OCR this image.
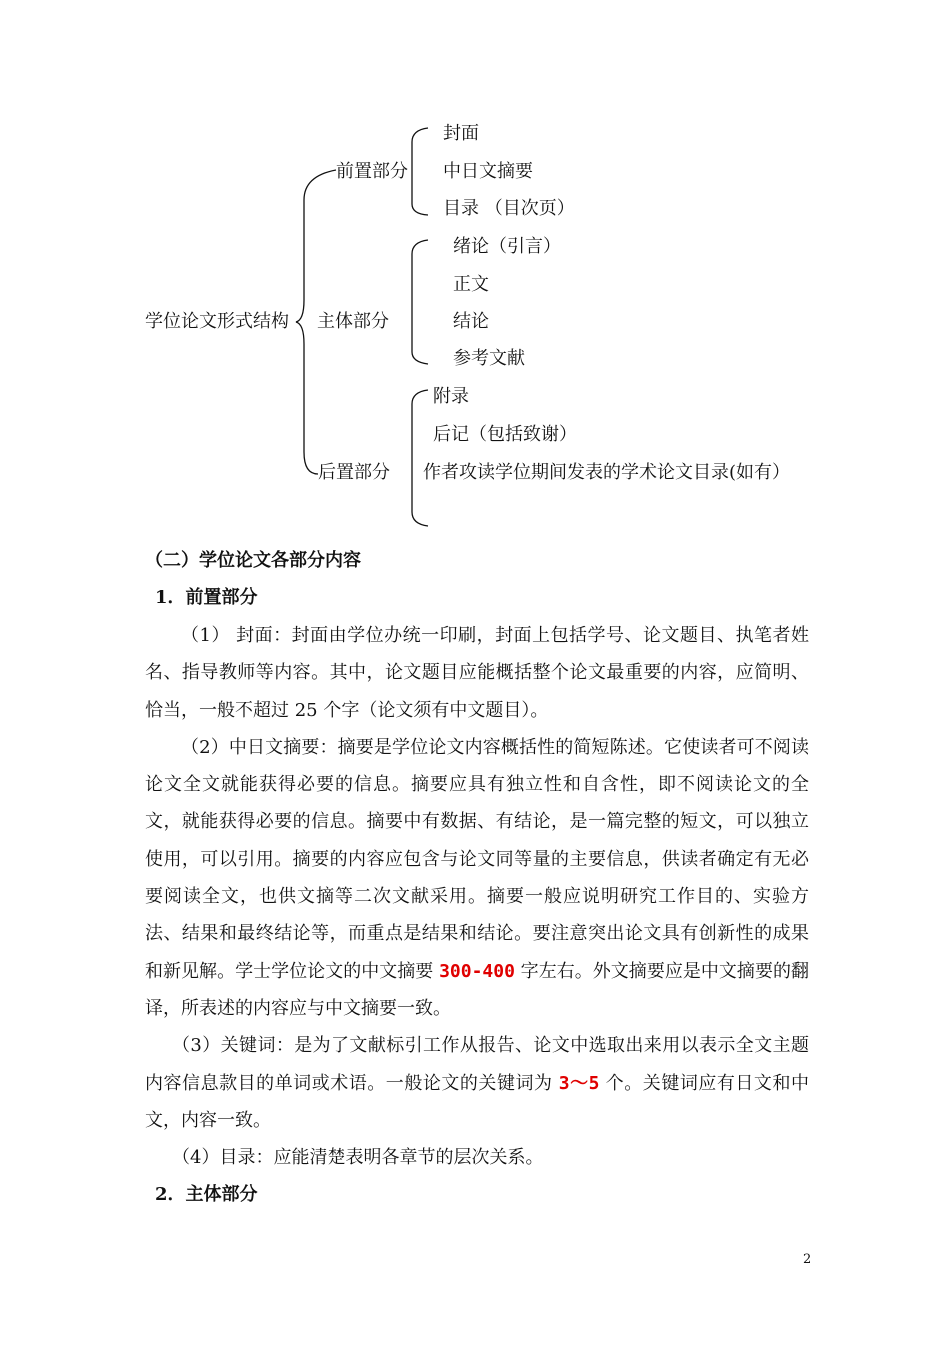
学位论文形式结构
前置部分
封面
中日文摘要
目录 （目次页）
主体部分
绪论（引言）
正文
结论
参考文献
后置部分
附录
后记（包括致谢）
作者攻读学位期间发表的学术论文目录(如有）
（二）学位论文各部分内容
1．前置部分

（1） 封面：封面由学位办统一印刷，封面上包括学号、论文题目、执笔者姓名、指导教师等内容。其中，论文题目应能概括整个论文最重要的内容，应简明、恰当，一般不超过 25 个字（论文须有中文题目）。

（2）中日文摘要：摘要是学位论文内容概括性的简短陈述。它使读者可不阅读论文全文就能获得必要的信息。摘要应具有独立性和自含性，即不阅读论文的全文，就能获得必要的信息。摘要中有数据、有结论，是一篇完整的短文，可以独立使用，可以引用。摘要的内容应包含与论文同等量的主要信息，供读者确定有无必要阅读全文，也供文摘等二次文献采用。摘要一般应说明研究工作目的、实验方法、结果和最终结论等，而重点是结果和结论。要注意突出论文具有创新性的成果和新见解。学士学位论文的中文摘要 300-400 字左右。外文摘要应是中文摘要的翻译，所表述的内容应与中文摘要一致。

（3）关键词：是为了文献标引工作从报告、论文中选取出来用以表示全文主题内容信息款目的单词或术语。一般论文的关键词为 3～5 个。关键词应有日文和中文，内容一致。

（4）目录：应能清楚表明各章节的层次关系。

2．主体部分
2
